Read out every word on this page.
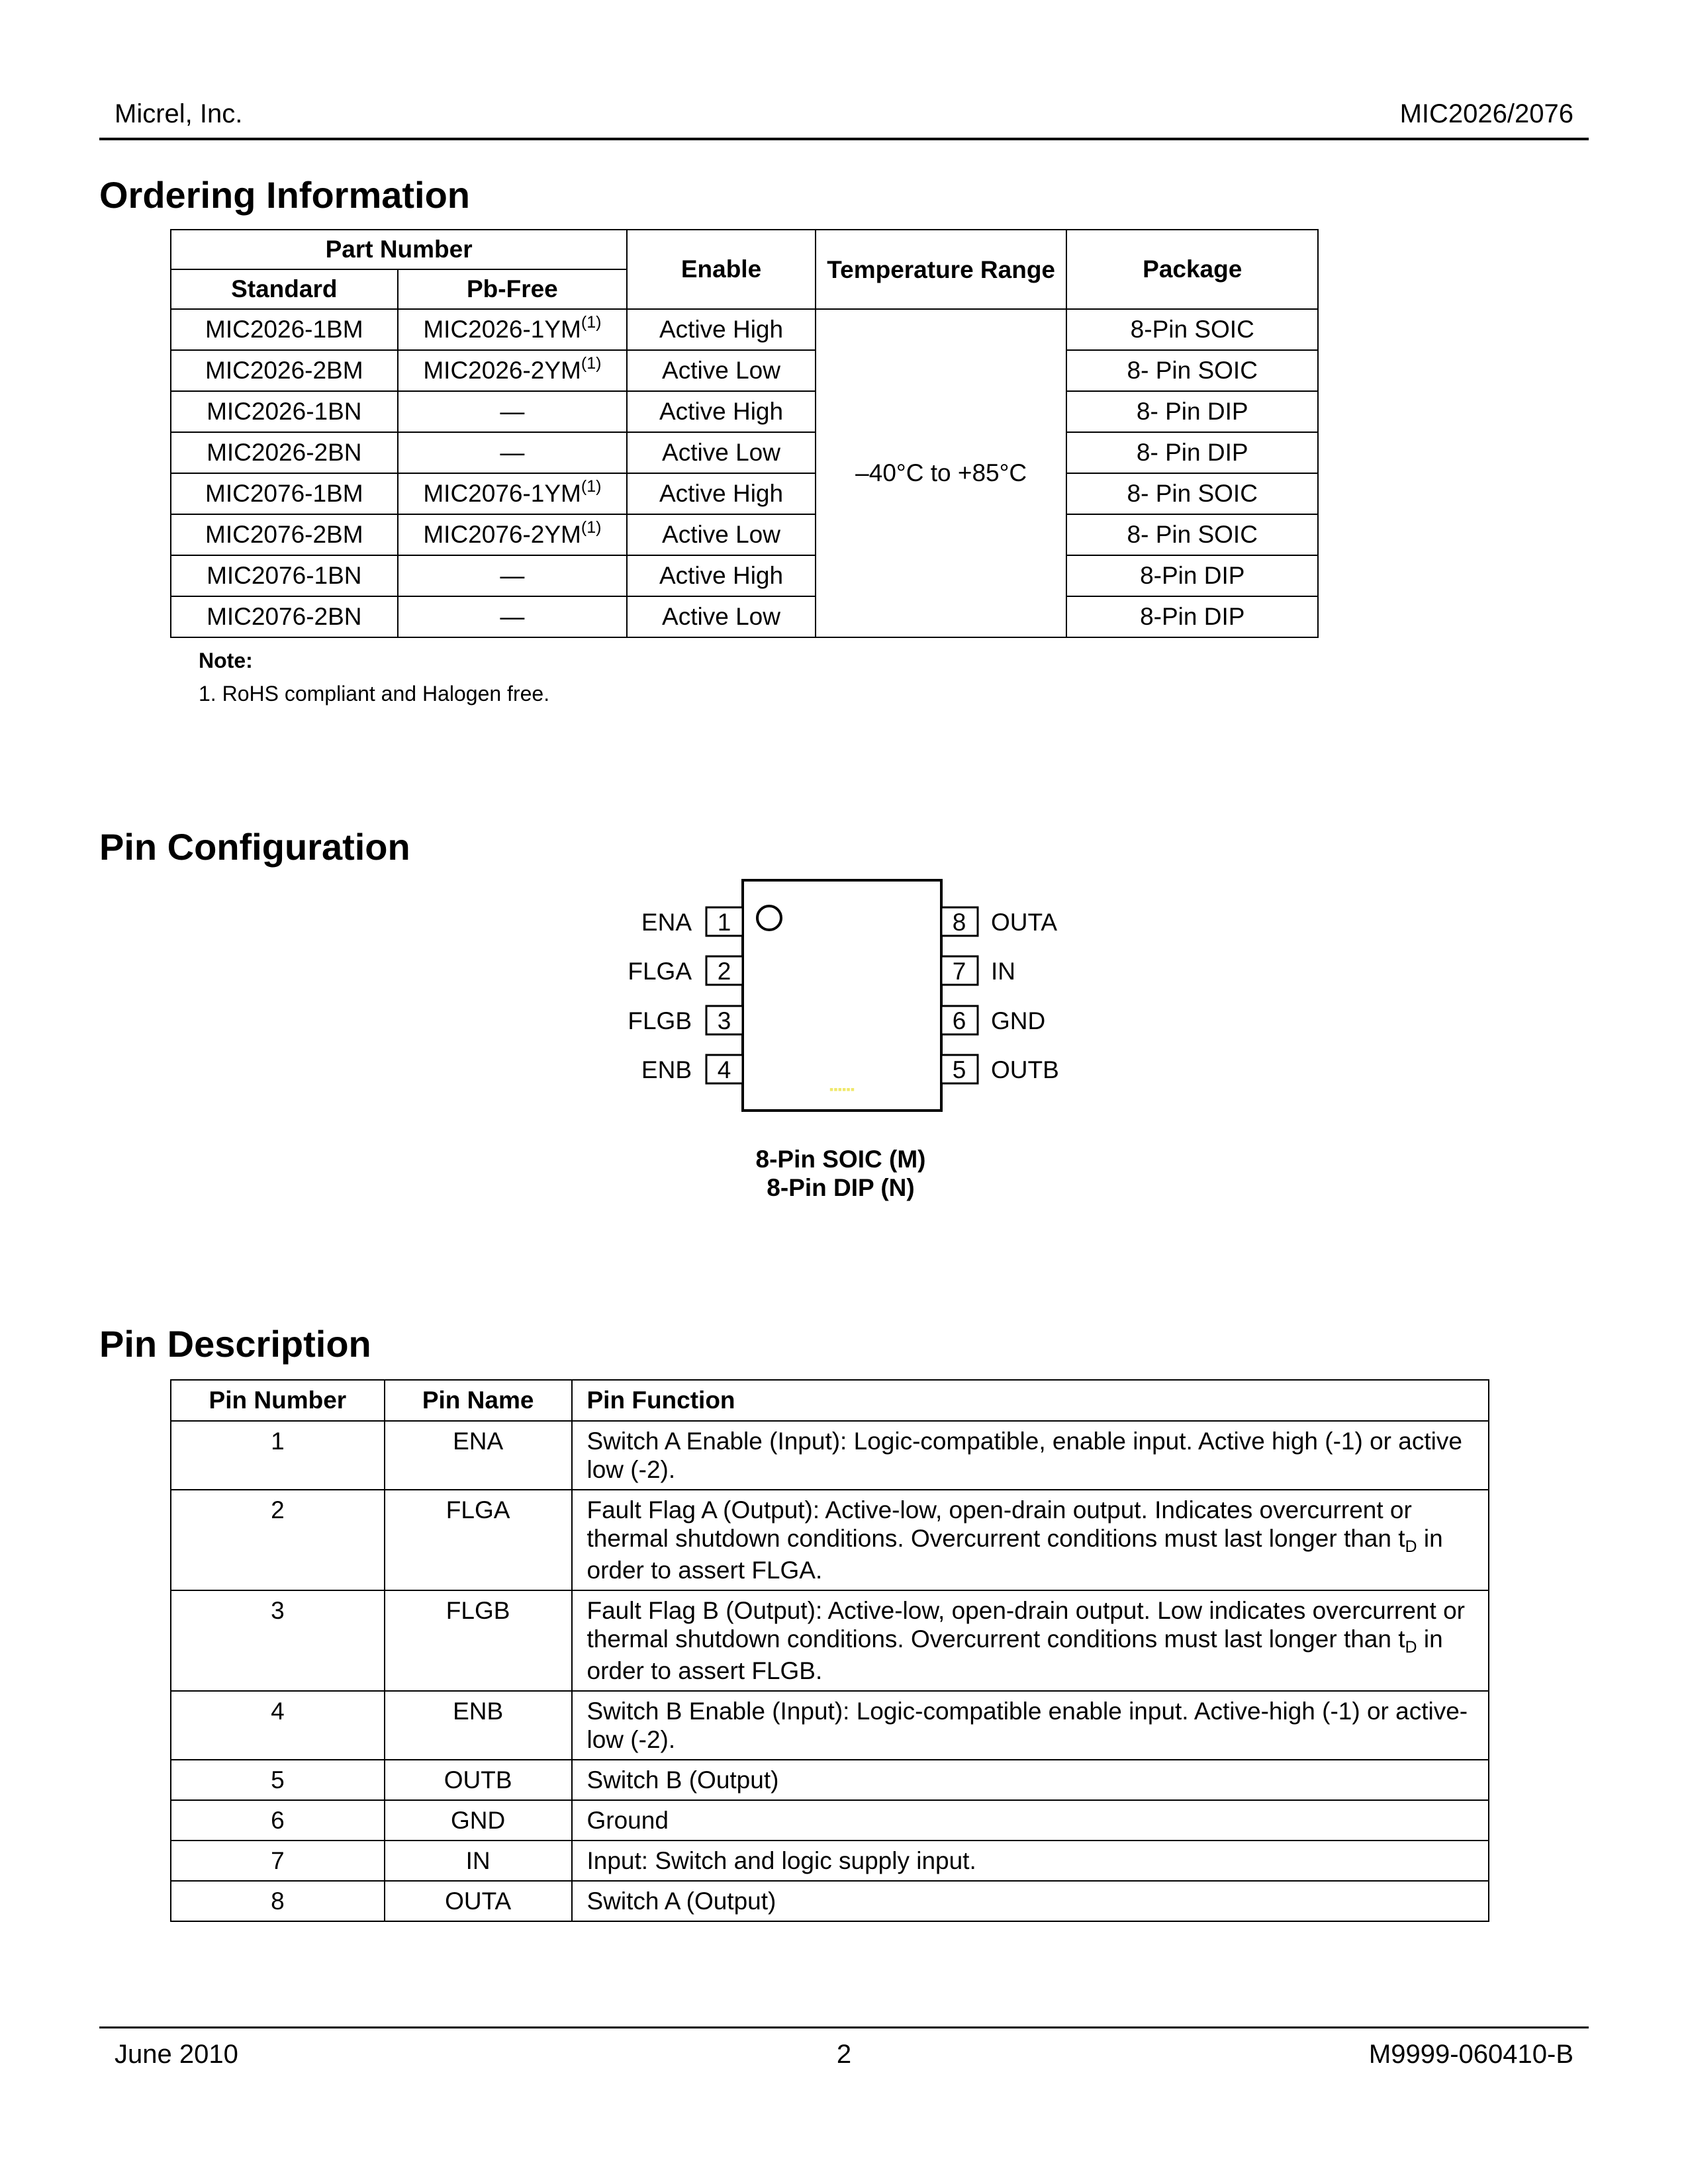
Micrel, Inc.	MIC2026/2076
Ordering Information
Part Number		Enable	Temperature Range	Package
Standard	Pb-Free			
MIC2026-1BM	MIC2026-1YM$^{(1)}$	Active High	–40°C to +85°C	8-Pin SOIC
MIC2026-2BM	MIC2026-2YM$^{(1)}$	Active Low		8- Pin SOIC
MIC2026-1BN	—	Active High		8- Pin DIP
MIC2026-2BN	—	Active Low		8- Pin DIP
MIC2076-1BM	MIC2076-1YM$^{(1)}$	Active High		8- Pin SOIC
MIC2076-2BM	MIC2076-2YM$^{(1)}$	Active Low		8- Pin SOIC
MIC2076-1BN	—	Active High		8-Pin DIP
MIC2076-2BN	—	Active Low		8-Pin DIP
Note:
1. RoHS compliant and Halogen free.
Pin Configuration
▪▪▪▪▪▪
1
ENA
2
FLGA
3
FLGB
4
ENB
8 OUTA
7 IN
6 GND
5 OUTB
8-Pin SOIC (M)
8-Pin DIP (N)
Pin Description
Pin Number	Pin Name	Pin Function
1	ENA	Switch A Enable (Input): Logic-compatible, enable input. Active high (-1) or active low (-2).
2	FLGA	Fault Flag A (Output): Active-low, open-drain output. Indicates overcurrent or thermal shutdown conditions. Overcurrent conditions must last longer than $t_D$ in order to assert FLGA.
3	FLGB	Fault Flag B (Output): Active-low, open-drain output. Low indicates overcurrent or thermal shutdown conditions. Overcurrent conditions must last longer than $t_D$ in order to assert FLGB.
4	ENB	Switch B Enable (Input): Logic-compatible enable input. Active-high (-1) or active-low (-2).
5	OUTB	Switch B (Output)
6	GND	Ground
7	IN	Input: Switch and logic supply input.
8	OUTA	Switch A (Output)
June 2010	2	M9999-060410-B
